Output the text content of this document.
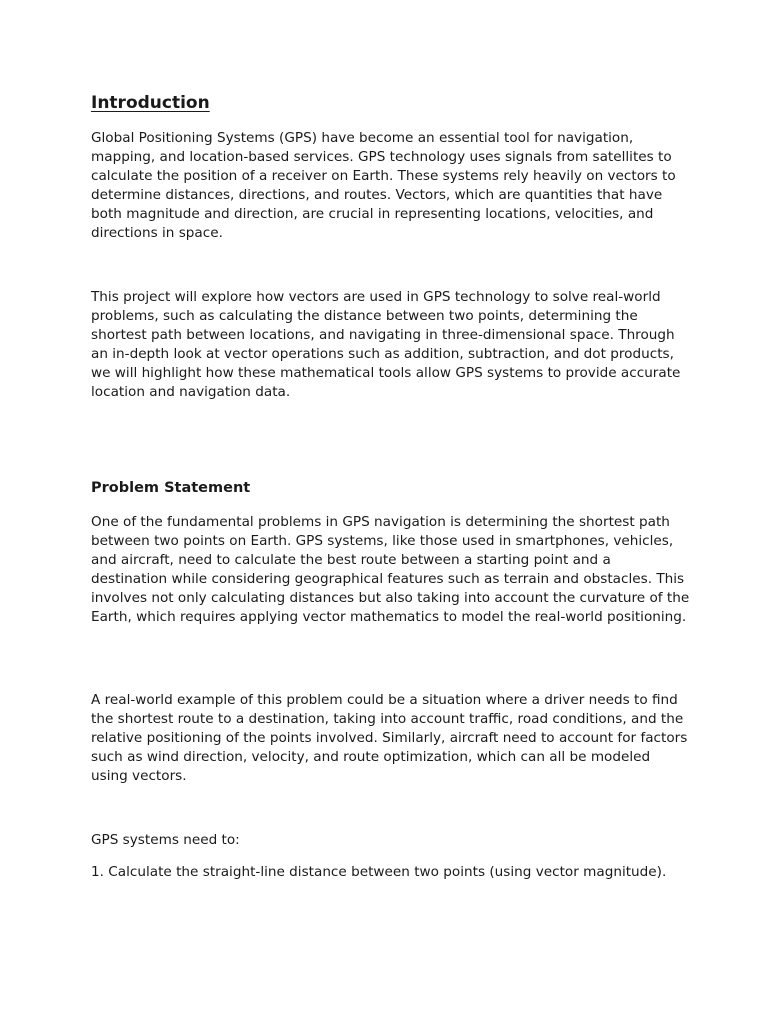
Introduction

Global Positioning Systems (GPS) have become an essential tool for navigation, mapping, and location-based services. GPS technology uses signals from satellites to calculate the position of a receiver on Earth. These systems rely heavily on vectors to determine distances, directions, and routes. Vectors, which are quantities that have both magnitude and direction, are crucial in representing locations, velocities, and directions in space.

This project will explore how vectors are used in GPS technology to solve real-world problems, such as calculating the distance between two points, determining the shortest path between locations, and navigating in three-dimensional space. Through an in-depth look at vector operations such as addition, subtraction, and dot products, we will highlight how these mathematical tools allow GPS systems to provide accurate location and navigation data.

Problem Statement

One of the fundamental problems in GPS navigation is determining the shortest path between two points on Earth. GPS systems, like those used in smartphones, vehicles, and aircraft, need to calculate the best route between a starting point and a destination while considering geographical features such as terrain and obstacles. This involves not only calculating distances but also taking into account the curvature of the Earth, which requires applying vector mathematics to model the real-world positioning.

A real-world example of this problem could be a situation where a driver needs to find the shortest route to a destination, taking into account traffic, road conditions, and the relative positioning of the points involved. Similarly, aircraft need to account for factors such as wind direction, velocity, and route optimization, which can all be modeled using vectors.

GPS systems need to:

1. Calculate the straight-line distance between two points (using vector magnitude).
